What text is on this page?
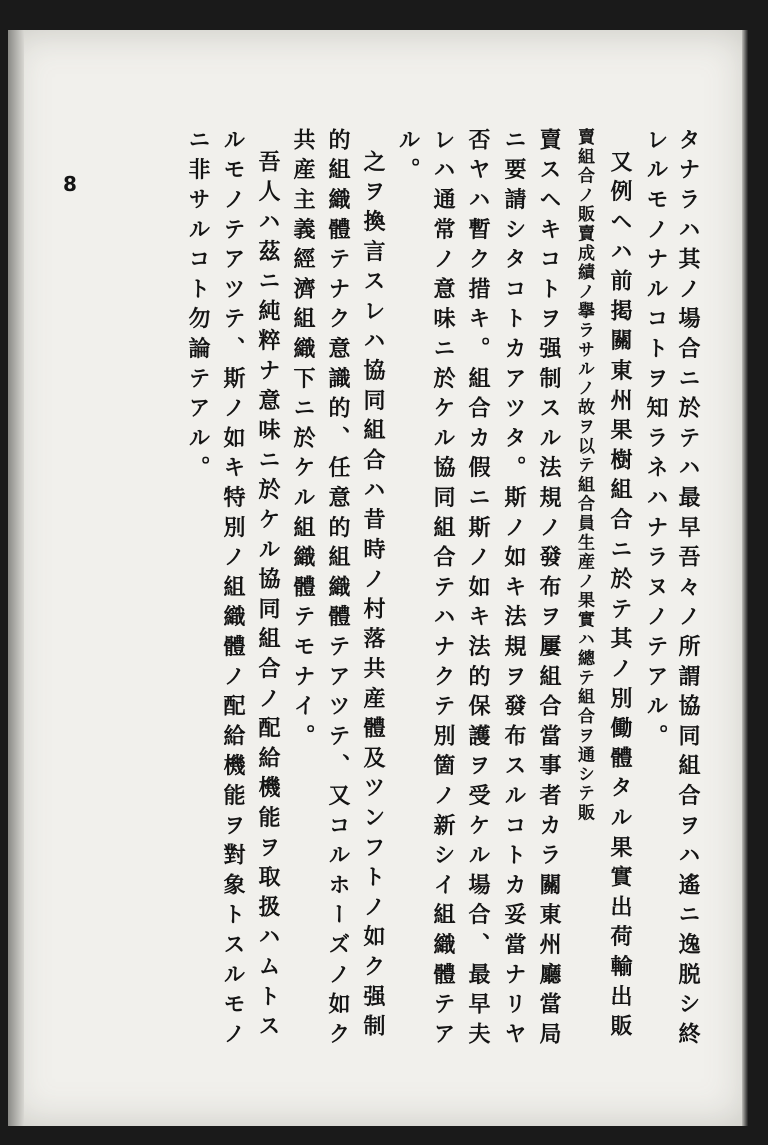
タナラハ其ノ場合ニ於テハ最早吾々ノ所謂協同組合ヲハ遙ニ逸脱シ終
レルモノナルコトヲ知ラネハナラヌノテアル。
又例ヘハ前掲關東州果樹組合ニ於テ其ノ別働體タル果實出荷輸出販
賣組合ノ販賣成績ノ擧ラサルノ故ヲ以テ組合員生産ノ果實ハ總テ組合ヲ通シテ販
賣スヘキコトヲ强制スル法規ノ發布ヲ屢組合當事者カラ關東州廳當局
ニ要請シタコトカアツタ。斯ノ如キ法規ヲ發布スルコトカ妥當ナリヤ
否ヤハ暫ク措キ。組合カ假ニ斯ノ如キ法的保護ヲ受ケル場合、最早夫
レハ通常ノ意味ニ於ケル協同組合テハナクテ別箇ノ新シイ組織體テア
ル。
之ヲ換言スレハ協同組合ハ昔時ノ村落共産體及ツンフトノ如ク强制
的組織體テナク意識的、任意的組織體テアツテ、又コルホーズノ如ク
共産主義經濟組織下ニ於ケル組織體テモナイ。
吾人ハ茲ニ純粹ナ意味ニ於ケル協同組合ノ配給機能ヲ取扱ハムトス
ルモノテアツテ、斯ノ如キ特別ノ組織體ノ配給機能ヲ對象トスルモノ
ニ非サルコト勿論テアル。
8
